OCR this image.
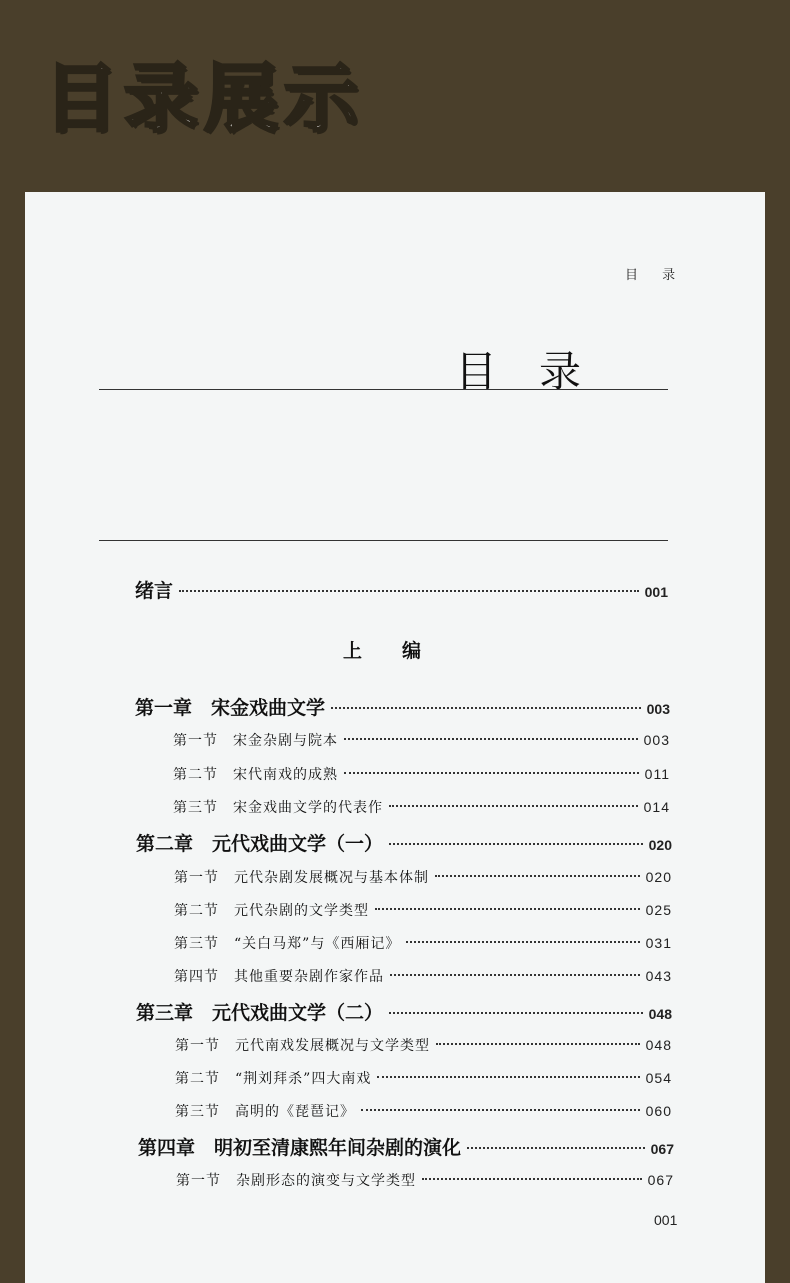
目录展示
目 录
目录
绪言	001
上编
第一章　宋金戏曲文学	003
第一节　宋金杂剧与院本	003
第二节　宋代南戏的成熟	011
第三节　宋金戏曲文学的代表作	014
第二章　元代戏曲文学（一）	020
第一节　元代杂剧发展概况与基本体制	020
第二节　元代杂剧的文学类型	025
第三节　“关白马郑”与《西厢记》	031
第四节　其他重要杂剧作家作品	043
第三章　元代戏曲文学（二）	048
第一节　元代南戏发展概况与文学类型	048
第二节　“荆刘拜杀”四大南戏	054
第三节　高明的《琵琶记》	060
第四章　明初至清康熙年间杂剧的演化	067
第一节　杂剧形态的演变与文学类型	067
001
